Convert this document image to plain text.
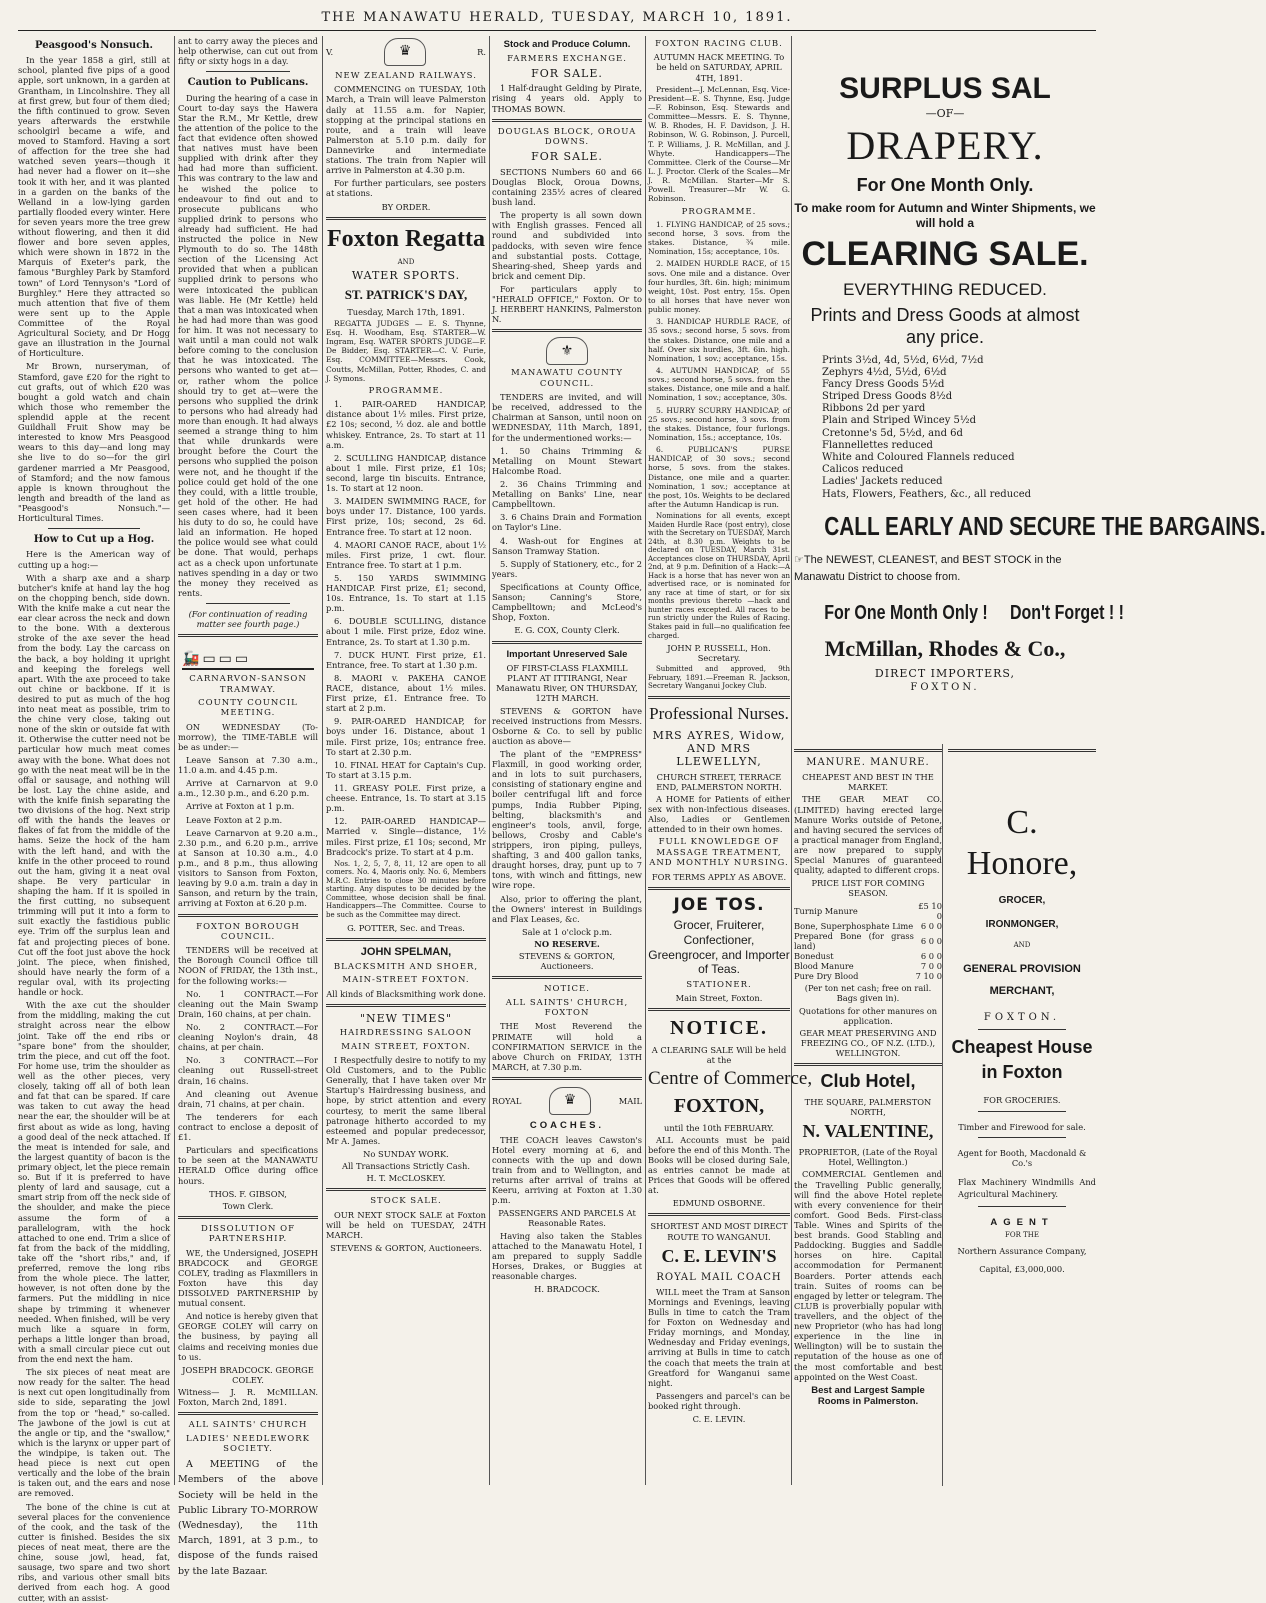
THE MANAWATU HERALD, TUESDAY, MARCH 10, 1891.
Peasgood's Nonsuch.

In the year 1858 a girl, still at school, planted five pips of a good apple, sort unknown, in a garden at Grantham, in Lincolnshire. They all at first grew, but four of them died; the fifth continued to grow. Seven years afterwards the erstwhile schoolgirl became a wife, and moved to Stamford. Having a sort of affection for the tree she had watched seven years—though it had never had a flower on it—she took it with her, and it was planted in a garden on the banks of the Welland in a low-lying garden partially flooded every winter. Here for seven years more the tree grew without flowering, and then it did flower and bore seven apples, which were shown in 1872 in the Marquis of Exeter's park, the famous "Burghley Park by Stamford town" of Lord Tennyson's "Lord of Burghley." Here they attracted so much attention that five of them were sent up to the Apple Committee of the Royal Agricultural Society, and Dr Hogg gave an illustration in the Journal of Horticulture.

Mr Brown, nurseryman, of Stamford, gave £20 for the right to cut grafts, out of which £20 was bought a gold watch and chain which those who remember the splendid apple at the recent Guildhall Fruit Show may be interested to know Mrs Peasgood wears to this day—and long may she live to do so—for the girl gardener married a Mr Peasgood, of Stamford; and the now famous apple is known throughout the length and breadth of the land as "Peasgood's Nonsuch."—Horticultural Times.

How to Cut up a Hog.

Here is the American way of cutting up a hog:—

With a sharp axe and a sharp butcher's knife at hand lay the hog on the chopping bench, side down. With the knife make a cut near the ear clear across the neck and down to the bone. With a dexterous stroke of the axe sever the head from the body. Lay the carcass on the back, a boy holding it upright and keeping the forelegs well apart. With the axe proceed to take out chine or backbone. If it is desired to put as much of the hog into neat meat as possible, trim to the chine very close, taking out none of the skin or outside fat with it. Otherwise the cutter need not be particular how much meat comes away with the bone. What does not go with the neat meat will be in the offal or sausage, and nothing will be lost. Lay the chine aside, and with the knife finish separating the two divisions of the hog. Next strip off with the hands the leaves or flakes of fat from the middle of the hams. Seize the hock of the ham with the left hand, and with the knife in the other proceed to round out the ham, giving it a neat oval shape. Be very particular in shaping the ham. If it is spoiled in the first cutting, no subsequent trimming will put it into a form to suit exactly the fastidious public eye. Trim off the surplus lean and fat and projecting pieces of bone. Cut off the foot just above the hock joint. The piece, when finished, should have nearly the form of a regular oval, with its projecting handle or hock.

With the axe cut the shoulder from the middling, making the cut straight across near the elbow joint. Take off the end ribs or "spare bone" from the shoulder, trim the piece, and cut off the foot. For home use, trim the shoulder as well as the other pieces, very closely, taking off all of both lean and fat that can be spared. If care was taken to cut away the head near the ear, the shoulder will be at first about as wide as long, having a good deal of the neck attached. If the meat is intended for sale, and the largest quantity of bacon is the primary object, let the piece remain so. But if it is preferred to have plenty of lard and sausage, cut a smart strip from off the neck side of the shoulder, and make the piece assume the form of a parallelogram, with the hock attached to one end. Trim a slice of fat from the back of the middling, take off the "short ribs," and, if preferred, remove the long ribs from the whole piece. The latter, however, is not often done by the farmers. Put the middling in nice shape by trimming it whenever needed. When finished, will be very much like a square in form, perhaps a little longer than broad, with a small circular piece cut out from the end next the ham.

The six pieces of neat meat are now ready for the salter. The head is next cut open longitudinally from side to side, separating the jowl from the top or "head," so-called. The jawbone of the jowl is cut at the angle or tip, and the "swallow," which is the larynx or upper part of the windpipe, is taken out. The head piece is next cut open vertically and the lobe of the brain is taken out, and the ears and nose are removed.

The bone of the chine is cut at several places for the convenience of the cook, and the task of the cutter is finished. Besides the six pieces of neat meat, there are the chine, souse jowl, head, fat, sausage, two spare and two short ribs, and various other small bits derived from each hog. A good cutter, with an assist-

ant to carry away the pieces and help otherwise, can cut out from fifty or sixty hogs in a day.

Caution to Publicans.

During the hearing of a case in Court to-day says the Hawera Star the R.M., Mr Kettle, drew the attention of the police to the fact that evidence often showed that natives must have been supplied with drink after they had had more than sufficient. This was contrary to the law and he wished the police to endeavour to find out and to prosecute publicans who supplied drink to persons who already had sufficient. He had instructed the police in New Plymouth to do so. The 148th section of the Licensing Act provided that when a publican supplied drink to persons who were intoxicated the publican was liable. He (Mr Kettle) held that a man was intoxicated when he had had more than was good for him. It was not necessary to wait until a man could not walk before coming to the conclusion that he was intoxicated. The persons who wanted to get at—or, rather whom the police should try to get at—were the persons who supplied the drink to persons who had already had more than enough. It had always seemed a strange thing to him that while drunkards were brought before the Court the persons who supplied the poison were not, and he thought if the police could get hold of the one they could, with a little trouble, get hold of the other. He had seen cases where, had it been his duty to do so, he could have laid an information. He hoped the police would see what could be done. That would, perhaps act as a check upon unfortunate natives spending in a day or two the money they received as rents.

(For continuation of reading matter see fourth page.)
🚂 ▭ ▭ ▭
CARNARVON-SANSON TRAMWAY.
COUNTY COUNCIL MEETING.

ON WEDNESDAY (To-morrow), the TIME-TABLE will be as under:—

Leave Sanson at 7.30 a.m., 11.0 a.m. and 4.45 p.m.

Arrive at Carnarvon at 9.0 a.m., 12.30 p.m., and 6.20 p.m.

Arrive at Foxton at 1 p.m.

Leave Foxton at 2 p.m.

Leave Carnarvon at 9.20 a.m., 2.30 p.m., and 6.20 p.m., arrive at Sanson at 10.30 a.m., 4.0 p.m., and 8 p.m., thus allowing visitors to Sanson from Foxton, leaving by 9.0 a.m. train a day in Sanson, and return by the train, arriving at Foxton at 6.20 p.m.

FOXTON BOROUGH COUNCIL.

TENDERS will be received at the Borough Council Office till NOON of FRIDAY, the 13th inst., for the following works:—

No. 1 CONTRACT.—For cleaning out the Main Swamp Drain, 160 chains, at per chain.

No. 2 CONTRACT.—For cleaning Noylon's drain, 48 chains, at per chain.

No. 3 CONTRACT.—For cleaning out Russell-street drain, 16 chains.

And cleaning out Avenue drain, 71 chains, at per chain.

The tenderers for each contract to enclose a deposit of £1.

Particulars and specifications to be seen at the MANAWATU HERALD Office during office hours.

THOS. F. GIBSON,
Town Clerk.
DISSOLUTION OF PARTNERSHIP.

WE, the Undersigned, JOSEPH BRADCOCK and GEORGE COLEY, trading as Flaxmillers in Foxton have this day DISSOLVED PARTNERSHIP by mutual consent.

And notice is hereby given that GEORGE COLEY will carry on the business, by paying all claims and receiving monies due to us.

JOSEPH BRADCOCK. GEORGE COLEY.
Witness— J. R. McMILLAN. Foxton, March 2nd, 1891.
ALL SAINTS' CHURCH
LADIES' NEEDLEWORK SOCIETY.

A MEETING of the Members of the above Society will be held in the Public Library TO-MORROW (Wednesday), the 11th March, 1891, at 3 p.m., to dispose of the funds raised by the late Bazaar.

V.	♛	R.
NEW ZEALAND RAILWAYS.

COMMENCING on TUESDAY, 10th March, a Train will leave Palmerston daily at 11.55 a.m. for Napier, stopping at the principal stations en route, and a train will leave Palmerston at 5.10 p.m. daily for Dannevirke and intermediate stations. The train from Napier will arrive in Palmerston at 4.30 p.m.

For further particulars, see posters at stations.

BY ORDER.
Foxton Regatta
AND
WATER SPORTS.
ST. PATRICK'S DAY,
Tuesday, March 17th, 1891.

REGATTA JUDGES — E. S. Thynne, Esq. H. Woodham, Esq. STARTER—W. Ingram, Esq. WATER SPORTS JUDGE—F. De Bidder, Esq. STARTER—C. V. Furie, Esq. COMMITTEE—Messrs. Cook, Coutts, McMillan, Potter, Rhodes, C. and J. Symons.

PROGRAMME.

1. PAIR-OARED HANDICAP, distance about 1½ miles. First prize, £2 10s; second, ½ doz. ale and bottle whiskey. Entrance, 2s. To start at 11 a.m.

2. SCULLING HANDICAP, distance about 1 mile. First prize, £1 10s; second, large tin biscuits. Entrance, 1s. To start at 12 noon.

3. MAIDEN SWIMMING RACE, for boys under 17. Distance, 100 yards. First prize, 10s; second, 2s 6d. Entrance free. To start at 12 noon.

4. MAORI CANOE RACE, about 1½ miles. First prize, 1 cwt. flour. Entrance free. To start at 1 p.m.

5. 150 YARDS SWIMMING HANDICAP. First prize, £1; second, 10s. Entrance, 1s. To start at 1.15 p.m.

6. DOUBLE SCULLING, distance about 1 mile. First prize, £doz wine. Entrance, 2s. To start at 1.30 p.m.

7. DUCK HUNT. First prize, £1. Entrance, free. To start at 1.30 p.m.

8. MAORI v. PAKEHA CANOE RACE, distance, about 1½ miles. First prize, £1. Entrance free. To start at 2 p.m.

9. PAIR-OARED HANDICAP, for boys under 16. Distance, about 1 mile. First prize, 10s; entrance free. To start at 2.30 p.m.

10. FINAL HEAT for Captain's Cup. To start at 3.15 p.m.

11. GREASY POLE. First prize, a cheese. Entrance, 1s. To start at 3.15 p.m.

12. PAIR-OARED HANDICAP—Married v. Single—distance, 1½ miles. First prize, £1 10s; second, Mr Bradcock's prize. To start at 4 p.m.

Nos. 1, 2, 5, 7, 8, 11, 12 are open to all comers. No. 4, Maoris only. No. 6, Members M.R.C. Entries to close 30 minutes before starting. Any disputes to be decided by the Committee, whose decision shall be final. Handicappers—The Committee. Course to be such as the Committee may direct.

G. POTTER, Sec. and Treas.
JOHN SPELMAN,
BLACKSMITH AND SHOER,
MAIN-STREET FOXTON.
All kinds of Blacksmithing work done.
"NEW TIMES"
HAIRDRESSING SALOON
MAIN STREET, FOXTON.

I Respectfully desire to notify to my Old Customers, and to the Public Generally, that I have taken over Mr Startup's Hairdressing business, and hope, by strict attention and every courtesy, to merit the same liberal patronage hitherto accorded to my esteemed and popular predecessor, Mr A. James.

No SUNDAY WORK.
All Transactions Strictly Cash.
H. T. McCLOSKEY.
STOCK SALE.

OUR NEXT STOCK SALE at Foxton will be held on TUESDAY, 24TH MARCH.

STEVENS & GORTON, Auctioneers.
Stock and Produce Column.
FARMERS EXCHANGE.
FOR SALE.

1 Half-draught Gelding by Pirate, rising 4 years old. Apply to THOMAS BOWN.

DOUGLAS BLOCK, OROUA DOWNS.
FOR SALE.

SECTIONS Numbers 60 and 66 Douglas Block, Oroua Downs, containing 235½ acres of cleared bush land.

The property is all sown down with English grasses. Fenced all round and subdivided into paddocks, with seven wire fence and substantial posts. Cottage, Shearing-shed, Sheep yards and brick and cement Dip.

For particulars apply to "HERALD OFFICE," Foxton. Or to J. HERBERT HANKINS, Palmerston N.

⚜
MANAWATU COUNTY COUNCIL.

TENDERS are invited, and will be received, addressed to the Chairman at Sanson, until noon on WEDNESDAY, 11th March, 1891, for the undermentioned works:—

1. 50 Chains Trimming & Metalling on Mount Stewart Halcombe Road.

2. 36 Chains Trimming and Metalling on Banks' Line, near Campbelltown.

3. 6 Chains Drain and Formation on Taylor's Line.

4. Wash-out for Engines at Sanson Tramway Station.

5. Supply of Stationery, etc., for 2 years.

Specifications at County Office, Sanson; Canning's Store, Campbelltown; and McLeod's Shop, Foxton.

E. G. COX, County Clerk.
Important Unreserved Sale
OF FIRST-CLASS FLAXMILL PLANT AT ITTIRANGI, Near Manawatu River, ON THURSDAY, 12TH MARCH.

STEVENS & GORTON have received instructions from Messrs. Osborne & Co. to sell by public auction as above—

The plant of the "EMPRESS" Flaxmill, in good working order, and in lots to suit purchasers, consisting of stationary engine and boiler centrifugal lift and force pumps, India Rubber Piping, belting, blacksmith's and engineer's tools, anvil, forge, bellows, Crosby and Cable's strippers, iron piping, pulleys, shafting, 3 and 400 gallon tanks, draught horses, dray, punt up to 7 tons, with winch and fittings, new wire rope.

Also, prior to offering the plant, the Owners' interest in Buildings and Flax Leases, &c.

Sale at 1 o'clock p.m.
NO RESERVE.
STEVENS & GORTON, Auctioneers.
NOTICE.
ALL SAINTS' CHURCH, FOXTON

THE Most Reverend the PRIMATE will hold a CONFIRMATION SERVICE in the above Church on FRIDAY, 13TH MARCH, at 7.30 p.m.

ROYAL	♛	MAIL
COACHES.

THE COACH leaves Cawston's Hotel every morning at 6, and connects with the up and down train from and to Wellington, and returns after arrival of trains at Keeru, arriving at Foxton at 1.30 p.m.

PASSENGERS AND PARCELS At Reasonable Rates.

Having also taken the Stables attached to the Manawatu Hotel, I am prepared to supply Saddle Horses, Drakes, or Buggies at reasonable charges.

H. BRADCOCK.
FOXTON RACING CLUB.
AUTUMN HACK MEETING. To be held on SATURDAY, APRIL 4TH, 1891.

President—J. McLennan, Esq. Vice-President—E. S. Thynne, Esq. Judge—F. Robinson, Esq. Stewards and Committee—Messrs. E. S. Thynne, W. B. Rhodes, H. F. Davidson, J. H. Robinson, W. G. Robinson, J. Purcell, T. P. Williams, J. R. McMillan, and J. Whyte. Handicappers—The Committee. Clerk of the Course—Mr L. J. Proctor. Clerk of the Scales—Mr J. R. McMillan. Starter—Mr S. Powell. Treasurer—Mr W. G. Robinson.

PROGRAMME.

1. FLYING HANDICAP, of 25 sovs.; second horse, 3 sovs. from the stakes. Distance, ¾ mile. Nomination, 15s; acceptance, 10s.

2. MAIDEN HURDLE RACE, of 15 sovs. One mile and a distance. Over four hurdles, 3ft. 6in. high; minimum weight, 10st. Post entry, 15s. Open to all horses that have never won public money.

3. HANDICAP HURDLE RACE, of 35 sovs.; second horse, 5 sovs. from the stakes. Distance, one mile and a half. Over six hurdles, 3ft. 6in. high. Nomination, 1 sov.; acceptance, 15s.

4. AUTUMN HANDICAP, of 55 sovs.; second horse, 5 sovs. from the stakes. Distance, one mile and a half. Nomination, 1 sov.; acceptance, 30s.

5. HURRY SCURRY HANDICAP, of 25 sovs.; second horse, 3 sovs. from the stakes. Distance, four furlongs. Nomination, 15s.; acceptance, 10s.

6. PUBLICAN'S PURSE HANDICAP, of 30 sovs.; second horse, 5 sovs. from the stakes. Distance, one mile and a quarter. Nomination, 1 sov.; acceptance at the post, 10s. Weights to be declared after the Autumn Handicap is run.

Nominations for all events, except Maiden Hurdle Race (post entry), close with the Secretary on TUESDAY, March 24th, at 8.30 p.m. Weights to be declared on TUESDAY, March 31st. Acceptances close on THURSDAY, April 2nd, at 9 p.m. Definition of a Hack:—A Hack is a horse that has never won an advertised race, or is nominated for any race at time of start, or for six months previous thereto —hack and hunter races excepted. All races to be run strictly under the Rules of Racing. Stakes paid in full—no qualification fee charged.

JOHN P. RUSSELL, Hon. Secretary.

Submitted and approved, 9th February, 1891.—Freeman R. Jackson, Secretary Wanganui Jockey Club.

Professional Nurses.
MRS AYRES, Widow, AND MRS LLEWELLYN,
CHURCH STREET, TERRACE END, PALMERSTON NORTH.

A HOME for Patients of either sex with non-infectious diseases. Also, Ladies or Gentlemen attended to in their own homes.

FULL KNOWLEDGE OF MASSAGE TREATMENT, AND MONTHLY NURSING.
FOR TERMS APPLY AS ABOVE.
JOE TOS.
Grocer, Fruiterer, Confectioner, Greengrocer, and Importer of Teas.
STATIONER.
Main Street, Foxton.
NOTICE.
A CLEARING SALE Will be held at the
Centre of Commerce,
FOXTON,
until the 10th FEBRUARY.

ALL Accounts must be paid before the end of this Month. The Books will be closed during Sale, as entries cannot be made at Prices that Goods will be offered at.

EDMUND OSBORNE.
SHORTEST AND MOST DIRECT ROUTE TO WANGANUI.
C. E. LEVIN'S
ROYAL MAIL COACH

WILL meet the Tram at Sanson Mornings and Evenings, leaving Bulls in time to catch the Tram for Foxton on Wednesday and Friday mornings, and Monday, Wednesday and Friday evenings, arriving at Bulls in time to catch the coach that meets the train at Greatford for Wanganui same night.

Passengers and parcel's can be booked right through.

C. E. LEVIN.
SURPLUS SAL
—OF—
DRAPERY.
For One Month Only.
To make room for Autumn and Winter Shipments, we will hold a
CLEARING SALE.
EVERYTHING REDUCED.
Prints and Dress Goods at almost any price.
Prints 3½d, 4d, 5½d, 6½d, 7½d
Zephyrs 4½d, 5½d, 6½d
Fancy Dress Goods 5½d
Striped Dress Goods 8½d
Ribbons 2d per yard
Plain and Striped Wincey 5½d
Cretonne's 5d, 5½d, and 6d
Flannellettes reduced
White and Coloured Flannels reduced
Calicos reduced
Ladies' Jackets reduced
Hats, Flowers, Feathers, &c., all reduced
CALL EARLY AND SECURE THE BARGAINS.
☞The NEWEST, CLEANEST, and BEST STOCK in the Manawatu District to choose from.
For One Month Only !     Don't Forget ! !
McMillan, Rhodes & Co.,
DIRECT IMPORTERS,
FOXTON.
MANURE. MANURE.
CHEAPEST AND BEST IN THE MARKET.

THE GEAR MEAT CO. (LIMITED) having erected large Manure Works outside of Petone, and having secured the services of a practical manager from England, are now prepared to supply Special Manures of guaranteed quality, adapted to different crops.

PRICE LIST FOR COMING SEASON.
Turnip Manure	£5 10 0
Bone, Superphosphate Lime	6 0 0
Prepared Bone (for grass land)	6 0 0
Bonedust	6 0 0
Blood Manure	7 0 0
Pure Dry Blood	7 10 0
(Per ton net cash; free on rail. Bags given in).
Quotations for other manures on application.
GEAR MEAT PRESERVING AND FREEZING CO., OF N.Z. (LTD.), WELLINGTON.
Club Hotel,
THE SQUARE, PALMERSTON NORTH,
N. VALENTINE,
PROPRIETOR, (Late of the Royal Hotel, Wellington.)

COMMERCIAL Gentlemen and the Travelling Public generally, will find the above Hotel replete with every convenience for their comfort. Good Beds. First-class Table. Wines and Spirits of the best brands. Good Stabling and Paddocking. Buggies and Saddle horses on hire. Capital accommodation for Permanent Boarders. Porter attends each train. Suites of rooms can be engaged by letter or telegram. The CLUB is proverbially popular with travellers, and the object of the new Proprietor (who has had long experience in the line in Wellington) will be to sustain the reputation of the house as one of the most comfortable and best appointed on the West Coast.

Best and Largest Sample Rooms in Palmerston.
C. Honore,
GROCER,
IRONMONGER,
AND
GENERAL PROVISION MERCHANT,
FOXTON.
Cheapest House in Foxton
FOR GROCERIES.
Timber and Firewood for sale.
Agent for Booth, Macdonald & Co.'s
Flax Machinery Windmills And Agricultural Machinery.
AGENT
FOR THE
Northern Assurance Company,
Capital, £3,000,000.
